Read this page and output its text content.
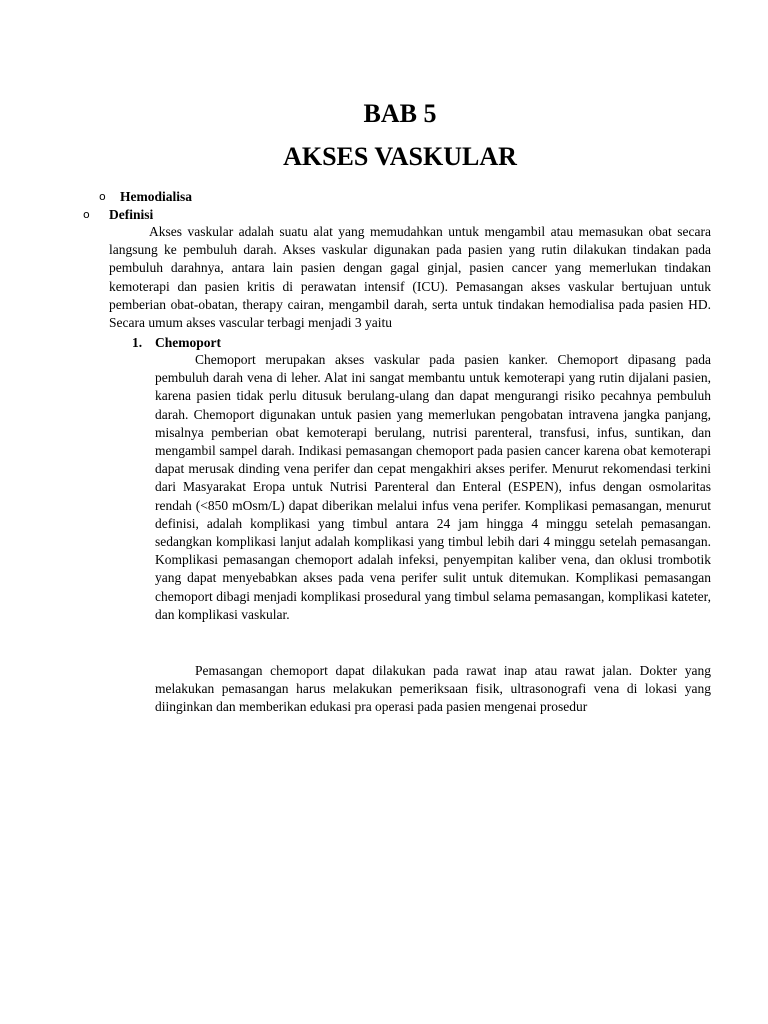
BAB 5
AKSES VASKULAR
o Hemodialisa
o Definisi

Akses vaskular adalah suatu alat yang memudahkan untuk mengambil atau memasukan obat secara langsung ke pembuluh darah. Akses vaskular digunakan pada pasien yang rutin dilakukan tindakan pada pembuluh darahnya, antara lain pasien dengan gagal ginjal, pasien cancer yang memerlukan tindakan kemoterapi dan pasien kritis di perawatan intensif (ICU). Pemasangan akses vaskular bertujuan untuk pemberian obat-obatan, therapy cairan, mengambil darah, serta untuk tindakan hemodialisa pada pasien HD. Secara umum akses vascular terbagi menjadi 3 yaitu

1. Chemoport

Chemoport merupakan akses vaskular pada pasien kanker. Chemoport dipasang pada pembuluh darah vena di leher. Alat ini sangat membantu untuk kemoterapi yang rutin dijalani pasien, karena pasien tidak perlu ditusuk berulang-ulang dan dapat mengurangi risiko pecahnya pembuluh darah. Chemoport digunakan untuk pasien yang memerlukan pengobatan intravena jangka panjang, misalnya pemberian obat kemoterapi berulang, nutrisi parenteral, transfusi, infus, suntikan, dan mengambil sampel darah. Indikasi pemasangan chemoport pada pasien cancer karena obat kemoterapi dapat merusak dinding vena perifer dan cepat mengakhiri akses perifer. Menurut rekomendasi terkini dari Masyarakat Eropa untuk Nutrisi Parenteral dan Enteral (ESPEN), infus dengan osmolaritas rendah (<850 mOsm/L) dapat diberikan melalui infus vena perifer. Komplikasi pemasangan, menurut definisi, adalah komplikasi yang timbul antara 24 jam hingga 4 minggu setelah pemasangan. sedangkan komplikasi lanjut adalah komplikasi yang timbul lebih dari 4 minggu setelah pemasangan. Komplikasi pemasangan chemoport adalah infeksi, penyempitan kaliber vena, dan oklusi trombotik yang dapat menyebabkan akses pada vena perifer sulit untuk ditemukan. Komplikasi pemasangan chemoport dibagi menjadi komplikasi prosedural yang timbul selama pemasangan, komplikasi kateter, dan komplikasi vaskular.

Pemasangan chemoport dapat dilakukan pada rawat inap atau rawat jalan. Dokter yang melakukan pemasangan harus melakukan pemeriksaan fisik, ultrasonografi vena di lokasi yang diinginkan dan memberikan edukasi pra operasi pada pasien mengenai prosedur
